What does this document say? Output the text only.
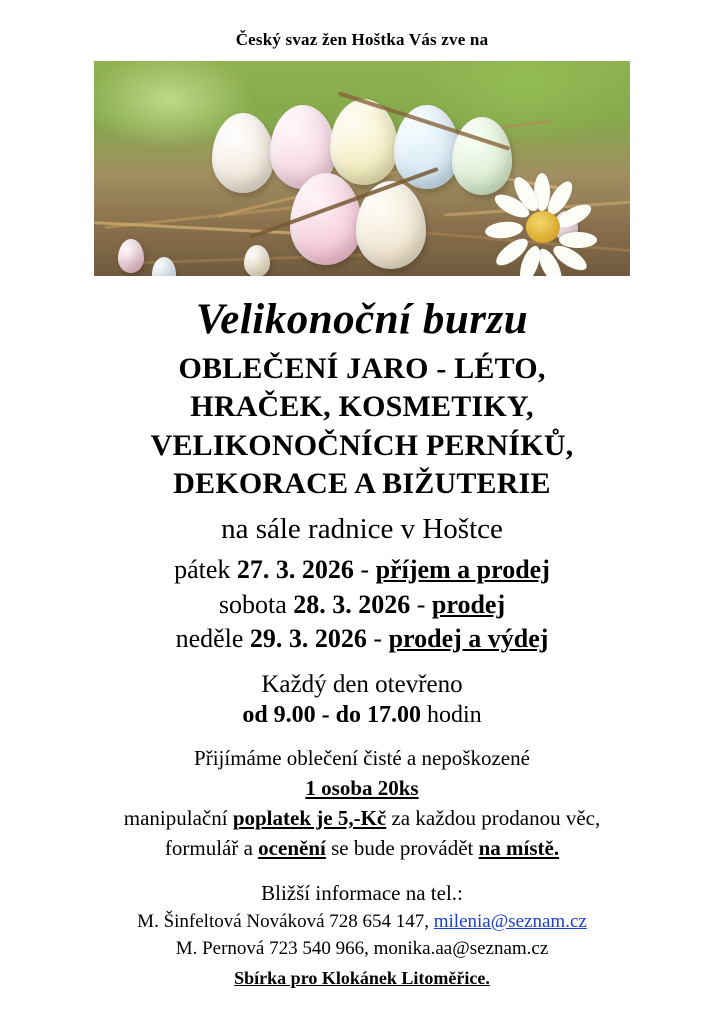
Český svaz žen Hoštka Vás zve na
Velikonoční burzu
OBLEČENÍ JARO - LÉTO,
HRAČEK, KOSMETIKY,
VELIKONOČNÍCH PERNÍKŮ,
DEKORACE A BIŽUTERIE
na sále radnice v Hoštce
pátek 27. 3. 2026 - příjem a prodej
sobota 28. 3. 2026 - prodej
neděle 29. 3. 2026 - prodej a výdej
Každý den otevřeno
od 9.00 - do 17.00 hodin
Přijímáme oblečení čisté a nepoškozené
1 osoba 20ks
manipulační poplatek je 5,-Kč za každou prodanou věc,
formulář a ocenění se bude provádět na místě.
Bližší informace na tel.:
M. Šinfeltová Nováková 728 654 147, milenia@seznam.cz
M. Pernová 723 540 966, monika.aa@seznam.cz
Sbírka pro Klokánek Litoměřice.
